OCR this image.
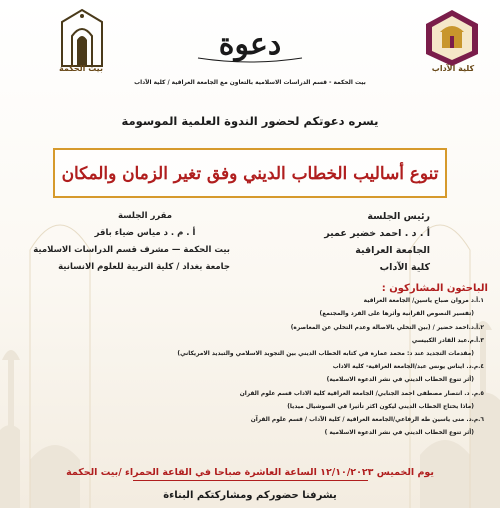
كلية الآداب
بيت الحكمة
دعوة
بيت الحكمة - قسم الدراسات الاسلامية بالتعاون مع الجامعة العراقية / كلية الآداب
يسره دعوتكم لحضور الندوة العلمية الموسومة
تنوع أساليب الخطاب الديني وفق تغير الزمان والمكان
رئيس الجلسة
أ . د . احمد خضير عمير
الجامعة العراقية
كلية الآداب
مقرر الجلسة
أ . م . د مياس ضياء باقر
بيت الحكمة — مشرف قسم الدراسات الاسلامية
جامعة بغداد / كلية التربية للعلوم الانسانية
الباحثون المشاركون :
١.أ.د مروان صباح ياسين/ الجامعة العراقية
(تفسير النصوص القرانية وأثرها على الفرد والمجتمع)
٢.أ.د.احمد خضير / (بين التخلي بالاصالة وعدم التخلي عن المعاصرة)
٣.أ.م.عبد القادر الكبيسي
(مقدمات التجديد عند د: محمد عمارة في كتابه الخطاب الديني بين التجويد الاسلامي والتبديد الامريكاني)
٤.م.د. ايناس يونس عبد/الجامعة العراقية- كلية الاداب
(أثر تنوع الخطاب الديني في نشر الدعوة الاسلامية)
٥.م. د. انتصار مصطفى احمد الجنابي/ الجامعة العراقية كلية الاداب قسم علوم القران
(ماذا يحتاج الخطاب الديني ليكون اكثر تأثيرا في السوشيال ميديا)
٦.م.د. منى ياسين طه الرفاعي/الجامعة العراقية / كلية الآداب / قسم علوم القرآن
(أثر تنوع الخطاب الديني في نشر الدعوة الاسلامية )
يوم الخميس ١٢/١٠/٢٠٢٣ الساعة العاشرة صباحا في القاعة الحمراء /بيت الحكمة
يشرفنا حضوركم ومشاركتكم البناءة
